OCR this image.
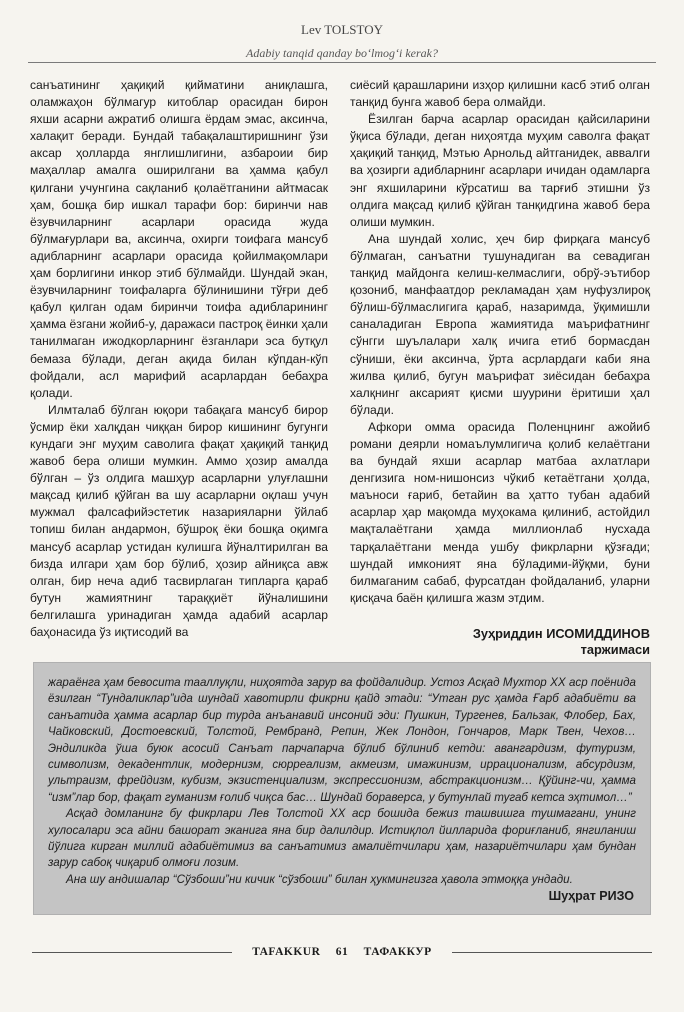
Lev TOLSTOY
Adabiy tanqid qanday bo‘lmog‘i kerak?

санъатининг ҳақиқий қийматини аниқлашга, оламжаҳон бўлмагур китоблар орасидан бирон яхши асарни ажратиб олишга ёрдам эмас, аксинча, халақит беради. Бундай табақалаштиришнинг ўзи аксар ҳолларда янглишлигини, азбароии бир маҳаллар амалга оширилгани ва ҳамма қабул қилгани учунгина сақланиб қолаётганини айтмасак ҳам, бошқа бир ишкал тарафи бор: биринчи нав ёзувчиларнинг асарлари орасида жуда бўлмағурлари ва, аксинча, охирги тоифага мансуб адибларнинг асарлари орасида қойилмақомлари ҳам борлигини инкор этиб бўлмайди. Шундай экан, ёзувчиларнинг тоифаларга бўлинишини тўғри деб қабул қилган одам биринчи тоифа адибларининг ҳамма ёзгани жойиб-у, даражаси пастроқ ёинки ҳали танилмаган ижодкорларнинг ёзганлари эса бутқул бемаза бўлади, деган ақида билан кўпдан-кўп фойдали, асл марифий асарлардан бебаҳра қолади.

Илмталаб бўлган юқори табақага мансуб бирор ўсмир ёки халқдан чиққан бирор кишининг бугунги кундаги энг муҳим саволига фақат ҳақиқий танқид жавоб бера олиши мумкин. Аммо ҳозир амалда бўлган – ўз олдига машҳур асарларни улуғлашни мақсад қилиб қўйган ва шу асарларни оқлаш учун мужмал фалсафийэстетик назарияларни ўйлаб топиш билан андармон, бўшроқ ёки бошқа оқимга мансуб асарлар устидан кулишга йўналтирилган ва бизда илгари ҳам бор бўлиб, ҳозир айниқса авж олган, бир неча адиб тасвирлаган типларга қараб бутун жамиятнинг тараққиёт йўналишини белгилашга уринадиган ҳамда адабий асарлар баҳонасида ўз иқтисодий ва

сиёсий қарашларини изҳор қилишни касб этиб олган танқид бунга жавоб бера олмайди.

Ёзилган барча асарлар орасидан қайсиларини ўқиса бўлади, деган ниҳоятда муҳим саволга фақат ҳақиқий танқид, Мэтью Арнольд айтганидек, аввалги ва ҳозирги адибларнинг асарлари ичидан одамларга энг яхшиларини кўрсатиш ва тарғиб этишни ўз олдига мақсад қилиб қўйган танқидгина жавоб бера олиши мумкин.

Ана шундай холис, ҳеч бир фирқага мансуб бўлмаган, санъатни тушунадиган ва севадиган танқид майдонга келиш-келмаслиги, обрў-эътибор қозониб, манфаатдор рекламадан ҳам нуфузлироқ бўлиш-бўлмаслигига қараб, назаримда, ўқимишли саналадиган Европа жамиятида маърифатнинг сўнгги шуълалари халқ ичига етиб бормасдан сўниши, ёки аксинча, ўрта асрлардаги каби яна жилва қилиб, бугун маърифат зиёсидан бебаҳра халқнинг аксарият қисми шуурини ёритиши ҳал бўлади.

Афкори омма орасида Поленцнинг ажойиб романи деярли номаълумлигича қолиб келаётгани ва бундай яхши асарлар матбаа ахлатлари денгизига ном-нишонсиз чўкиб кетаётгани ҳолда, маъноси ғариб, бетайин ва ҳатто тубан адабий асарлар ҳар мақомда муҳокама қилиниб, астойдил мақталаётгани ҳамда миллионлаб нусхада тарқалаётгани менда ушбу фикрларни қўзғади; шундай имконият яна бўладими-йўқми, буни билмаганим сабаб, фурсатдан фойдаланиб, уларни қисқача баён қилишга жазм этдим.

Зуҳриддин ИСОМИДДИНОВ
таржимаси

жараёнга ҳам бевосита тааллуқли, ниҳоятда зарур ва фойдалидир. Устоз Асқад Мухтор ХХ аср поёнида ёзилган “Тундаликлар”ида шундай хавотирли фикрни қайд этади: “Утган рус ҳамда Ғарб адабиёти ва санъатида ҳамма асарлар бир турда анъанавий инсоний эди: Пушкин, Тургенев, Бальзак, Флобер, Бах, Чайковский, Достоевский, Толстой, Рембранд, Репин, Жек Лондон, Гончаров, Марк Твен, Чехов… Эндиликда ўша буюк асосий Санъат парчапарча бўлиб бўлиниб кетди: авангардизм, футуризм, символизм, декадентлик, модернизм, сюрреализм, акмеизм, имажинизм, иррационализм, абсурдизм, ультраизм, фрейдизм, кубизм, экзистенциализм, экспрессионизм, абстракционизм… Қўйинг-чи, ҳамма “изм”лар бор, фақат гуманизм ғолиб чиқса бас… Шундай бораверса, у бутунлай тугаб кетса эҳтимол…”

Асқад домланинг бу фикрлари Лев Толстой ХХ аср бошида бежиз ташвишга тушмагани, унинг хулосалари эса айни башорат эканига яна бир далилдир. Истиқлол йилларида фориғланиб, янгиланиш йўлига кирган миллий адабиётимиз ва санъатимиз амалиётчилари ҳам, назариётчилари ҳам бундан зарур сабоқ чиқариб олмоғи лозим.

Ана шу андишалар “Сўзбоши”ни кичик “сўзбоши” билан ҳукмингизга ҳавола этмоққа ундади.

Шуҳрат РИЗО
TAFAKKUR 61 ТАФАККУР
